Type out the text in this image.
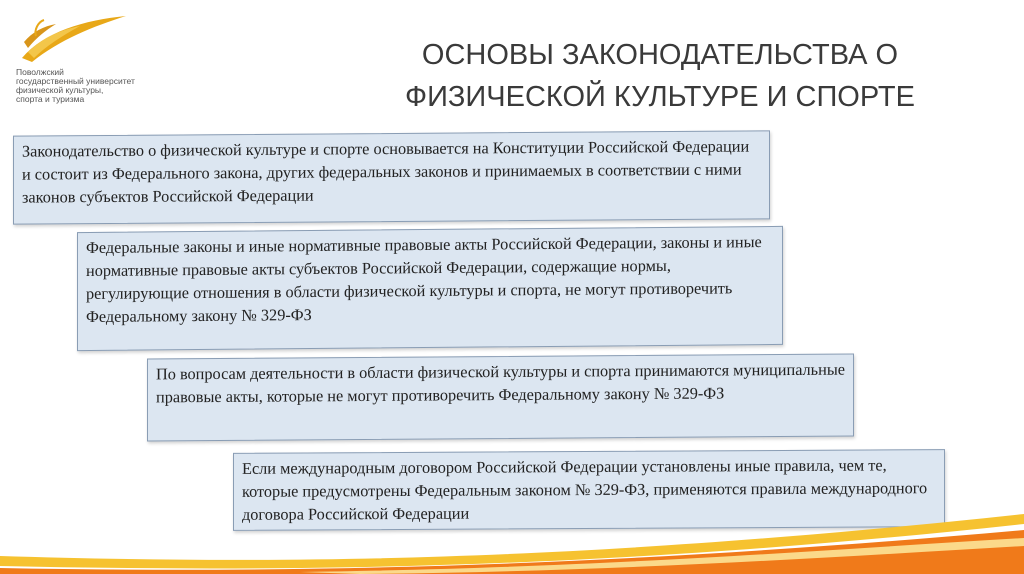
Поволжский
государственный университет
физической культуры,
спорта и туризма

ОСНОВЫ ЗАКОНОДАТЕЛЬСТВА О
ФИЗИЧЕСКОЙ КУЛЬТУРЕ И СПОРТЕ
Законодательство о физической культуре и спорте основывается на Конституции Российской Федерации и состоит из Федерального закона, других федеральных законов и принимаемых в соответствии с ними законов субъектов Российской Федерации
Федеральные законы и иные нормативные правовые акты Российской Федерации, законы и иные нормативные правовые акты субъектов Российской Федерации, содержащие нормы, регулирующие отношения в области физической культуры и спорта, не могут противоречить Федеральному закону № 329-ФЗ
По вопросам деятельности в области физической культуры и спорта принимаются муниципальные правовые акты, которые не могут противоречить Федеральному закону № 329-ФЗ
Если международным договором Российской Федерации установлены иные правила, чем те, которые предусмотрены Федеральным законом № 329-ФЗ, применяются правила международного договора Российской Федерации
